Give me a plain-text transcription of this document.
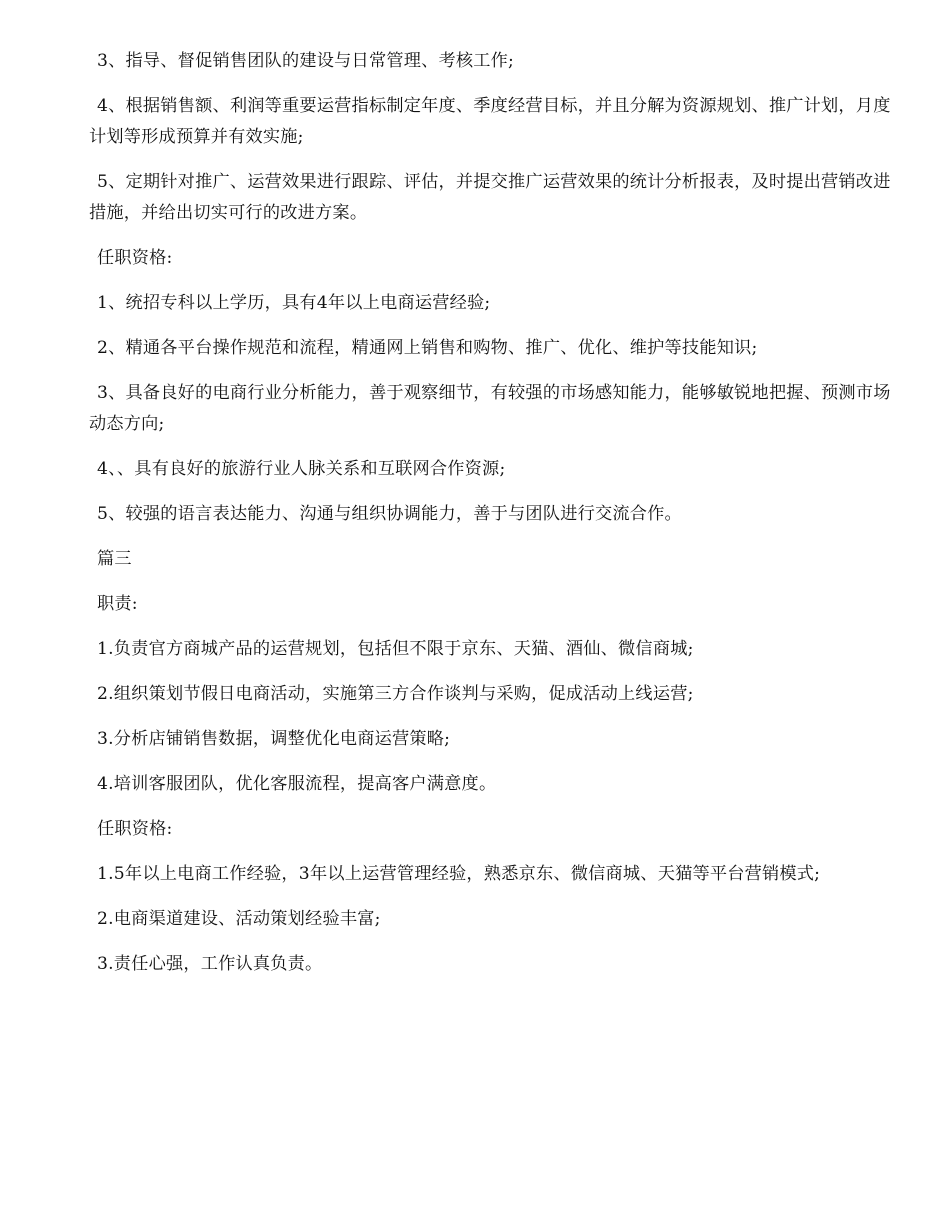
3、指导、督促销售团队的建设与日常管理、考核工作;

4、根据销售额、利润等重要运营指标制定年度、季度经营目标，并且分解为资源规划、推广计划，月度计划等形成预算并有效实施;

5、定期针对推广、运营效果进行跟踪、评估，并提交推广运营效果的统计分析报表，及时提出营销改进措施，并给出切实可行的改进方案。

任职资格:

1、统招专科以上学历，具有4年以上电商运营经验;

2、精通各平台操作规范和流程，精通网上销售和购物、推广、优化、维护等技能知识;

3、具备良好的电商行业分析能力，善于观察细节，有较强的市场感知能力，能够敏锐地把握、预测市场动态方向;

4、、具有良好的旅游行业人脉关系和互联网合作资源;

5、较强的语言表达能力、沟通与组织协调能力，善于与团队进行交流合作。

篇三

职责:

1.负责官方商城产品的运营规划，包括但不限于京东、天猫、酒仙、微信商城;

2.组织策划节假日电商活动，实施第三方合作谈判与采购，促成活动上线运营;

3.分析店铺销售数据，调整优化电商运营策略;

4.培训客服团队，优化客服流程，提高客户满意度。

任职资格:

1.5年以上电商工作经验，3年以上运营管理经验，熟悉京东、微信商城、天猫等平台营销模式;

2.电商渠道建设、活动策划经验丰富;

3.责任心强，工作认真负责。
